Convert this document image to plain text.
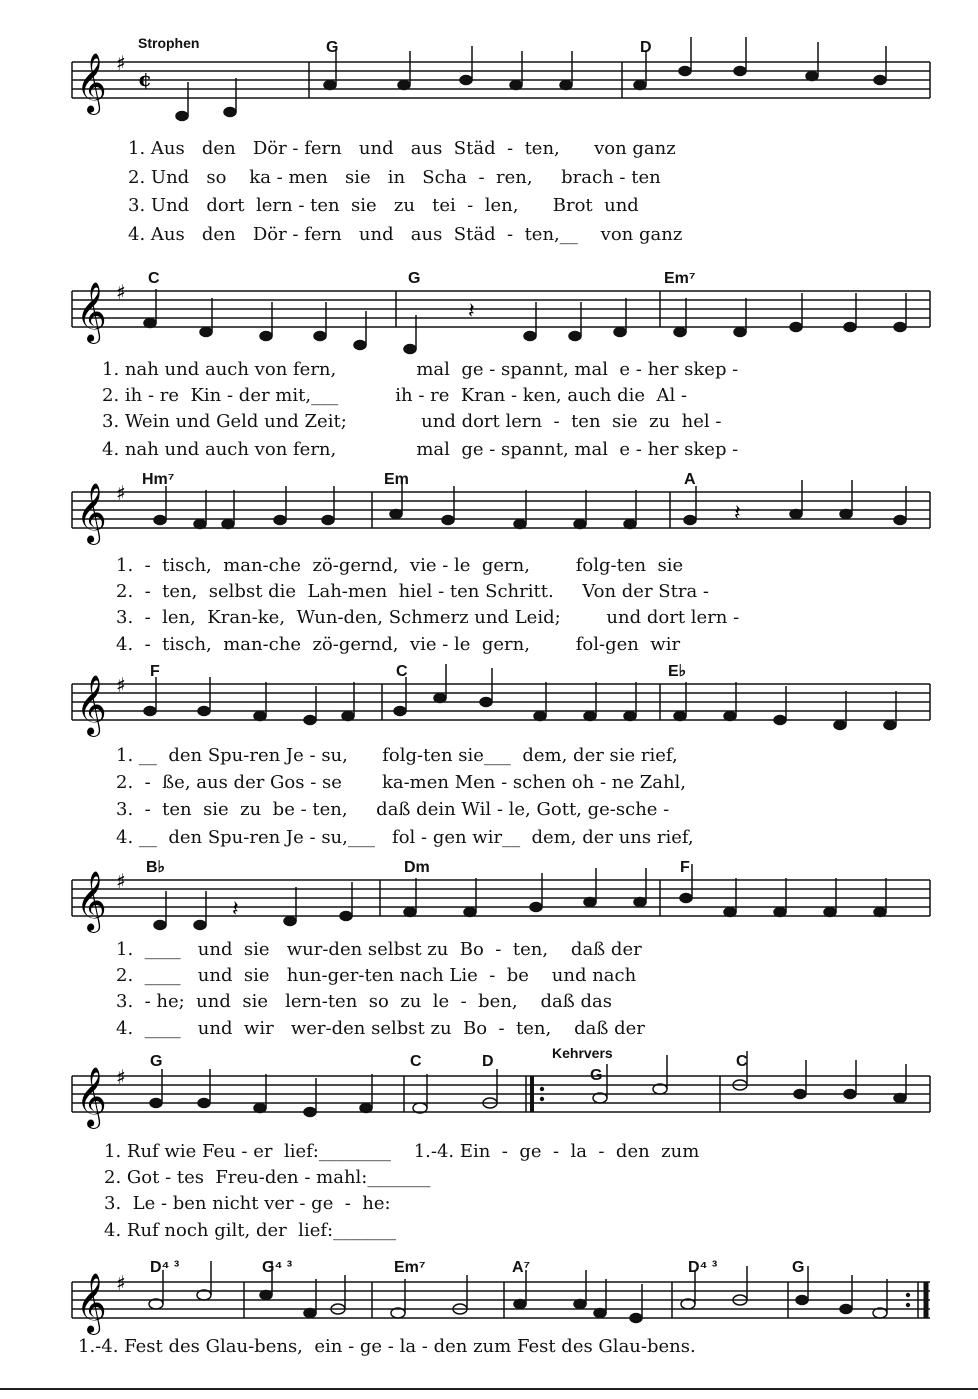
Strophen
Kehrvers
𝄞 ♯
¢
G	D
1. Aus   den   Dör - fern   und   aus  Städ  -  ten,      von ganz
2. Und   so    ka - men   sie   in   Scha  -  ren,     brach - ten
3. Und   dort  lern - ten  sie   zu   tei  -  len,      Brot  und
4. Aus   den   Dör - fern   und   aus  Städ  -  ten,__    von ganz
𝄞 ♯
𝄽
C	G	Em⁷
1. nah und auch von fern,              mal  ge - spannt, mal  e - her skep -
2. ih - re  Kin - der mit,___          ih - re  Kran - ken, auch die  Al -
3. Wein und Geld und Zeit;             und dort lern  -  ten  sie  zu  hel -
4. nah und auch von fern,              mal  ge - spannt, mal  e - her skep -
𝄞 ♯
𝄽
Hm⁷	Em	A
1.  -  tisch,  man-che  zö-gernd,  vie - le  gern,        folg-ten  sie
2.  -  ten,  selbst die  Lah-men  hiel - ten Schritt.     Von der Stra -
3.  -  len,  Kran-ke,  Wun-den, Schmerz und Leid;        und dort lern -
4.  -  tisch,  man-che  zö-gernd,  vie - le  gern,        fol-gen  wir
𝄞 ♯
F	C	E♭
1. __  den Spu-ren Je - su,      folg-ten sie___  dem, der sie rief,
2.  -  ße, aus der Gos - se       ka-men Men - schen oh - ne Zahl,
3.  -  ten  sie  zu  be - ten,     daß dein Wil - le, Gott, ge-sche -
4. __  den Spu-ren Je - su,___   fol - gen wir__  dem, der uns rief,
𝄞 ♯
𝄽
B♭	Dm	F
1.  ____   und  sie   wur-den selbst zu  Bo  -  ten,    daß der
2.  ____   und  sie   hun-ger-ten nach Lie  -  be    und nach
3.  - he;  und  sie   lern-ten  so  zu  le  -  ben,    daß das
4.  ____   und  wir   wer-den selbst zu  Bo  -  ten,    daß der
𝄞 ♯
G	C	D
G
C
1. Ruf wie Feu - er  lief:________    1.-4. Ein  -  ge  -  la  -  den  zum
2. Got - tes  Freu-den - mahl:_______
3.  Le - ben nicht ver - ge  -  he:
4. Ruf noch gilt, der  lief:_______
𝄞 ♯
D⁴ ³	G⁴ ³	Em⁷	A⁷	D⁴ ³	G
1.-4. Fest des Glau-bens,  ein - ge - la - den zum Fest des Glau-bens.
